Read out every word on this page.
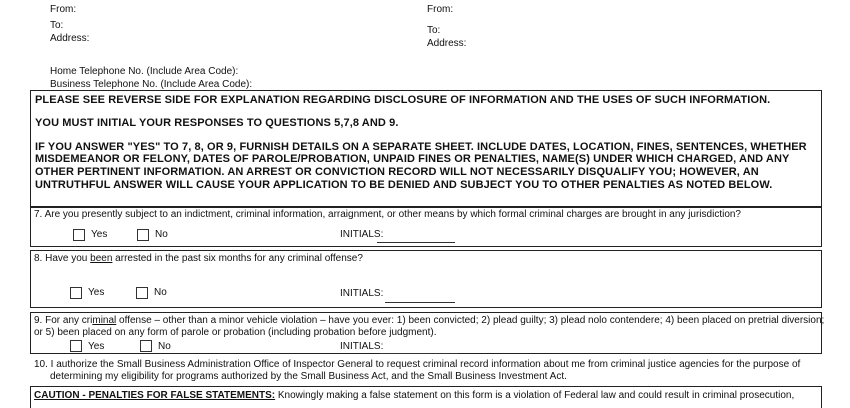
From:
To:
Address:
Home Telephone No. (Include Area Code):
Business Telephone No. (Include Area Code):
From:
To:
Address:
PLEASE SEE REVERSE SIDE FOR EXPLANATION REGARDING DISCLOSURE OF INFORMATION AND THE USES OF SUCH INFORMATION.
YOU MUST INITIAL YOUR RESPONSES TO QUESTIONS 5,7,8 AND 9.
IF YOU ANSWER "YES" TO 7, 8, OR 9, FURNISH DETAILS ON A SEPARATE SHEET. INCLUDE DATES, LOCATION, FINES, SENTENCES, WHETHER
MISDEMEANOR OR FELONY, DATES OF PAROLE/PROBATION, UNPAID FINES OR PENALTIES, NAME(S) UNDER WHICH CHARGED, AND ANY
OTHER PERTINENT INFORMATION. AN ARREST OR CONVICTION RECORD WILL NOT NECESSARILY DISQUALIFY YOU; HOWEVER, AN
UNTRUTHFUL ANSWER WILL CAUSE YOUR APPLICATION TO BE DENIED AND SUBJECT YOU TO OTHER PENALTIES AS NOTED BELOW.
7. Are you presently subject to an indictment, criminal information, arraignment, or other means by which formal criminal charges are brought in any jurisdiction?
Yes	No	INITIALS:
8. Have you been arrested in the past six months for any criminal offense?
Yes	No	INITIALS:
9. For any criminal offense – other than a minor vehicle violation – have you ever: 1) been convicted; 2) plead guilty; 3) plead nolo contendere; 4) been placed on pretrial diversion;
or 5) been placed on any form of parole or probation (including probation before judgment).
Yes	No	INITIALS:
10. I authorize the Small Business Administration Office of Inspector General to request criminal record information about me from criminal justice agencies for the purpose of
determining my eligibility for programs authorized by the Small Business Act, and the Small Business Investment Act.
CAUTION - PENALTIES FOR FALSE STATEMENTS: Knowingly making a false statement on this form is a violation of Federal law and could result in criminal prosecution,
